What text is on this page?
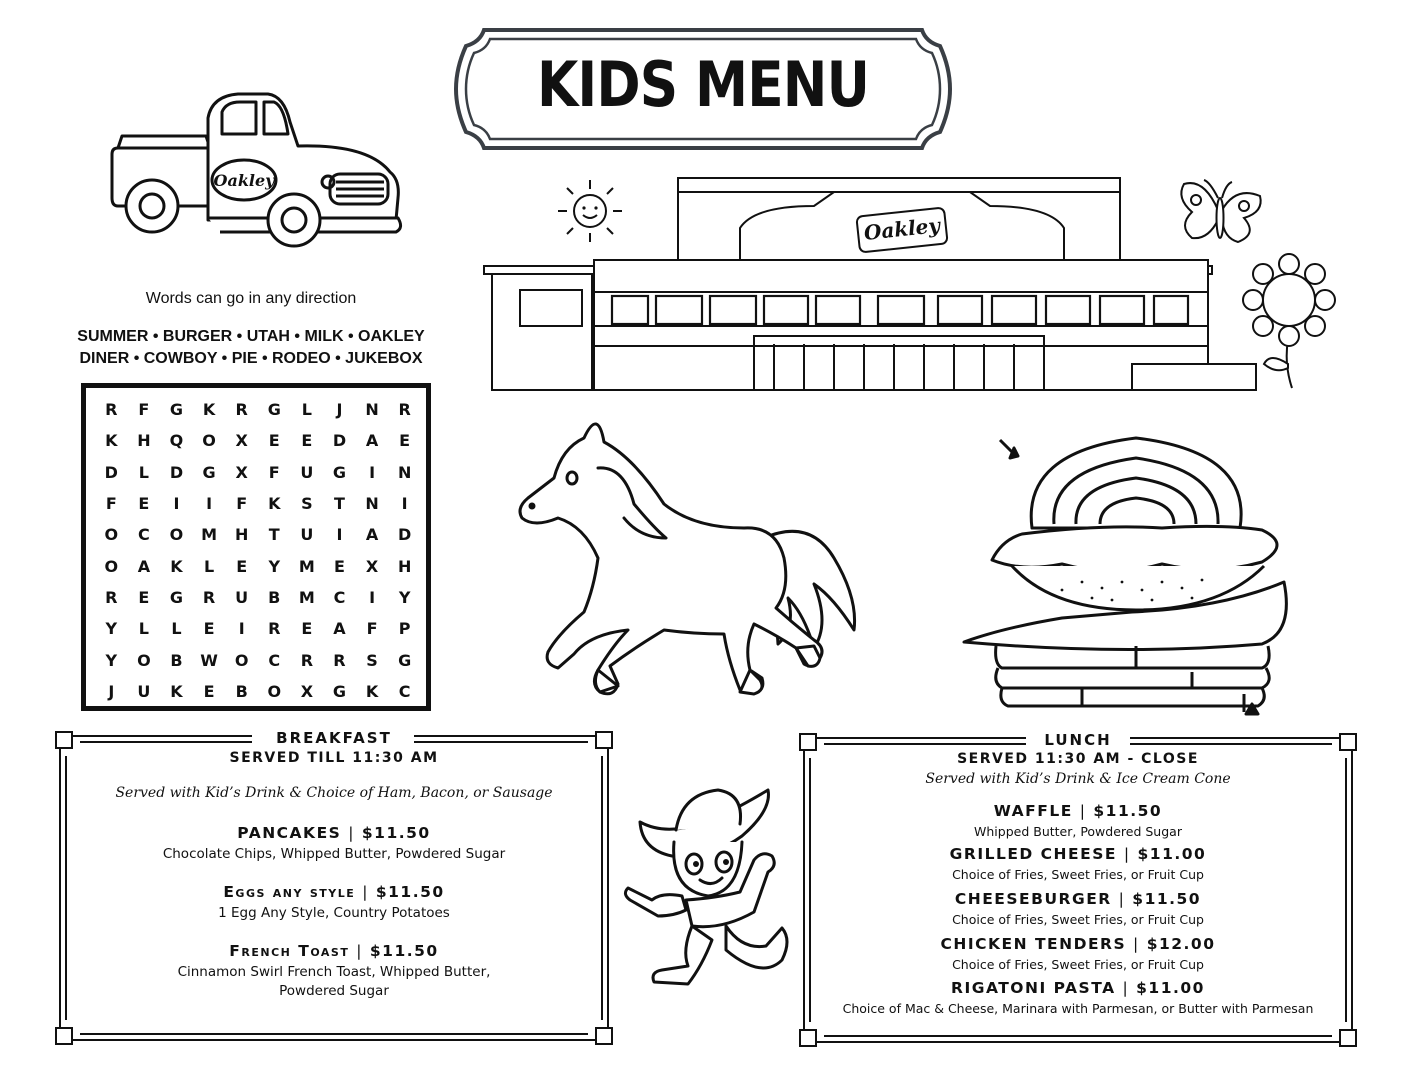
KIDS MENU
Oakley
Oakley
Words can go in any direction
SUMMER • BURGER • UTAH • MILK • OAKLEY
DINER • COWBOY • PIE • RODEO • JUKEBOX
R	F	G	K	R	G	L	J	N	R
K	H	Q	O	X	E	E	D	A	E
D	L	D	G	X	F	U	G	I	N
F	E	I	I	F	K	S	T	N	I
O	C	O	M	H	T	U	I	A	D
O	A	K	L	E	Y	M	E	X	H
R	E	G	R	U	B	M	C	I	Y
Y	L	L	E	I	R	E	A	F	P
Y	O	B	W	O	C	R	R	S	G
J	U	K	E	B	O	X	G	K	C
BREAKFAST
SERVED TILL 11:30 AM
Served with Kid’s Drink & Choice of Ham, Bacon, or Sausage
PANCAKES | $11.50
Chocolate Chips, Whipped Butter, Powdered Sugar
Eggs any style | $11.50
1 Egg Any Style, Country Potatoes
French Toast | $11.50
Cinnamon Swirl French Toast, Whipped Butter,
Powdered Sugar
LUNCH
SERVED 11:30 AM - CLOSE
Served with Kid’s Drink & Ice Cream Cone
WAFFLE | $11.50
Whipped Butter, Powdered Sugar
GRILLED CHEESE | $11.00
Choice of Fries, Sweet Fries, or Fruit Cup
CHEESEBURGER | $11.50
Choice of Fries, Sweet Fries, or Fruit Cup
CHICKEN TENDERS | $12.00
Choice of Fries, Sweet Fries, or Fruit Cup
RIGATONI PASTA | $11.00
Choice of Mac & Cheese, Marinara with Parmesan, or Butter with Parmesan
